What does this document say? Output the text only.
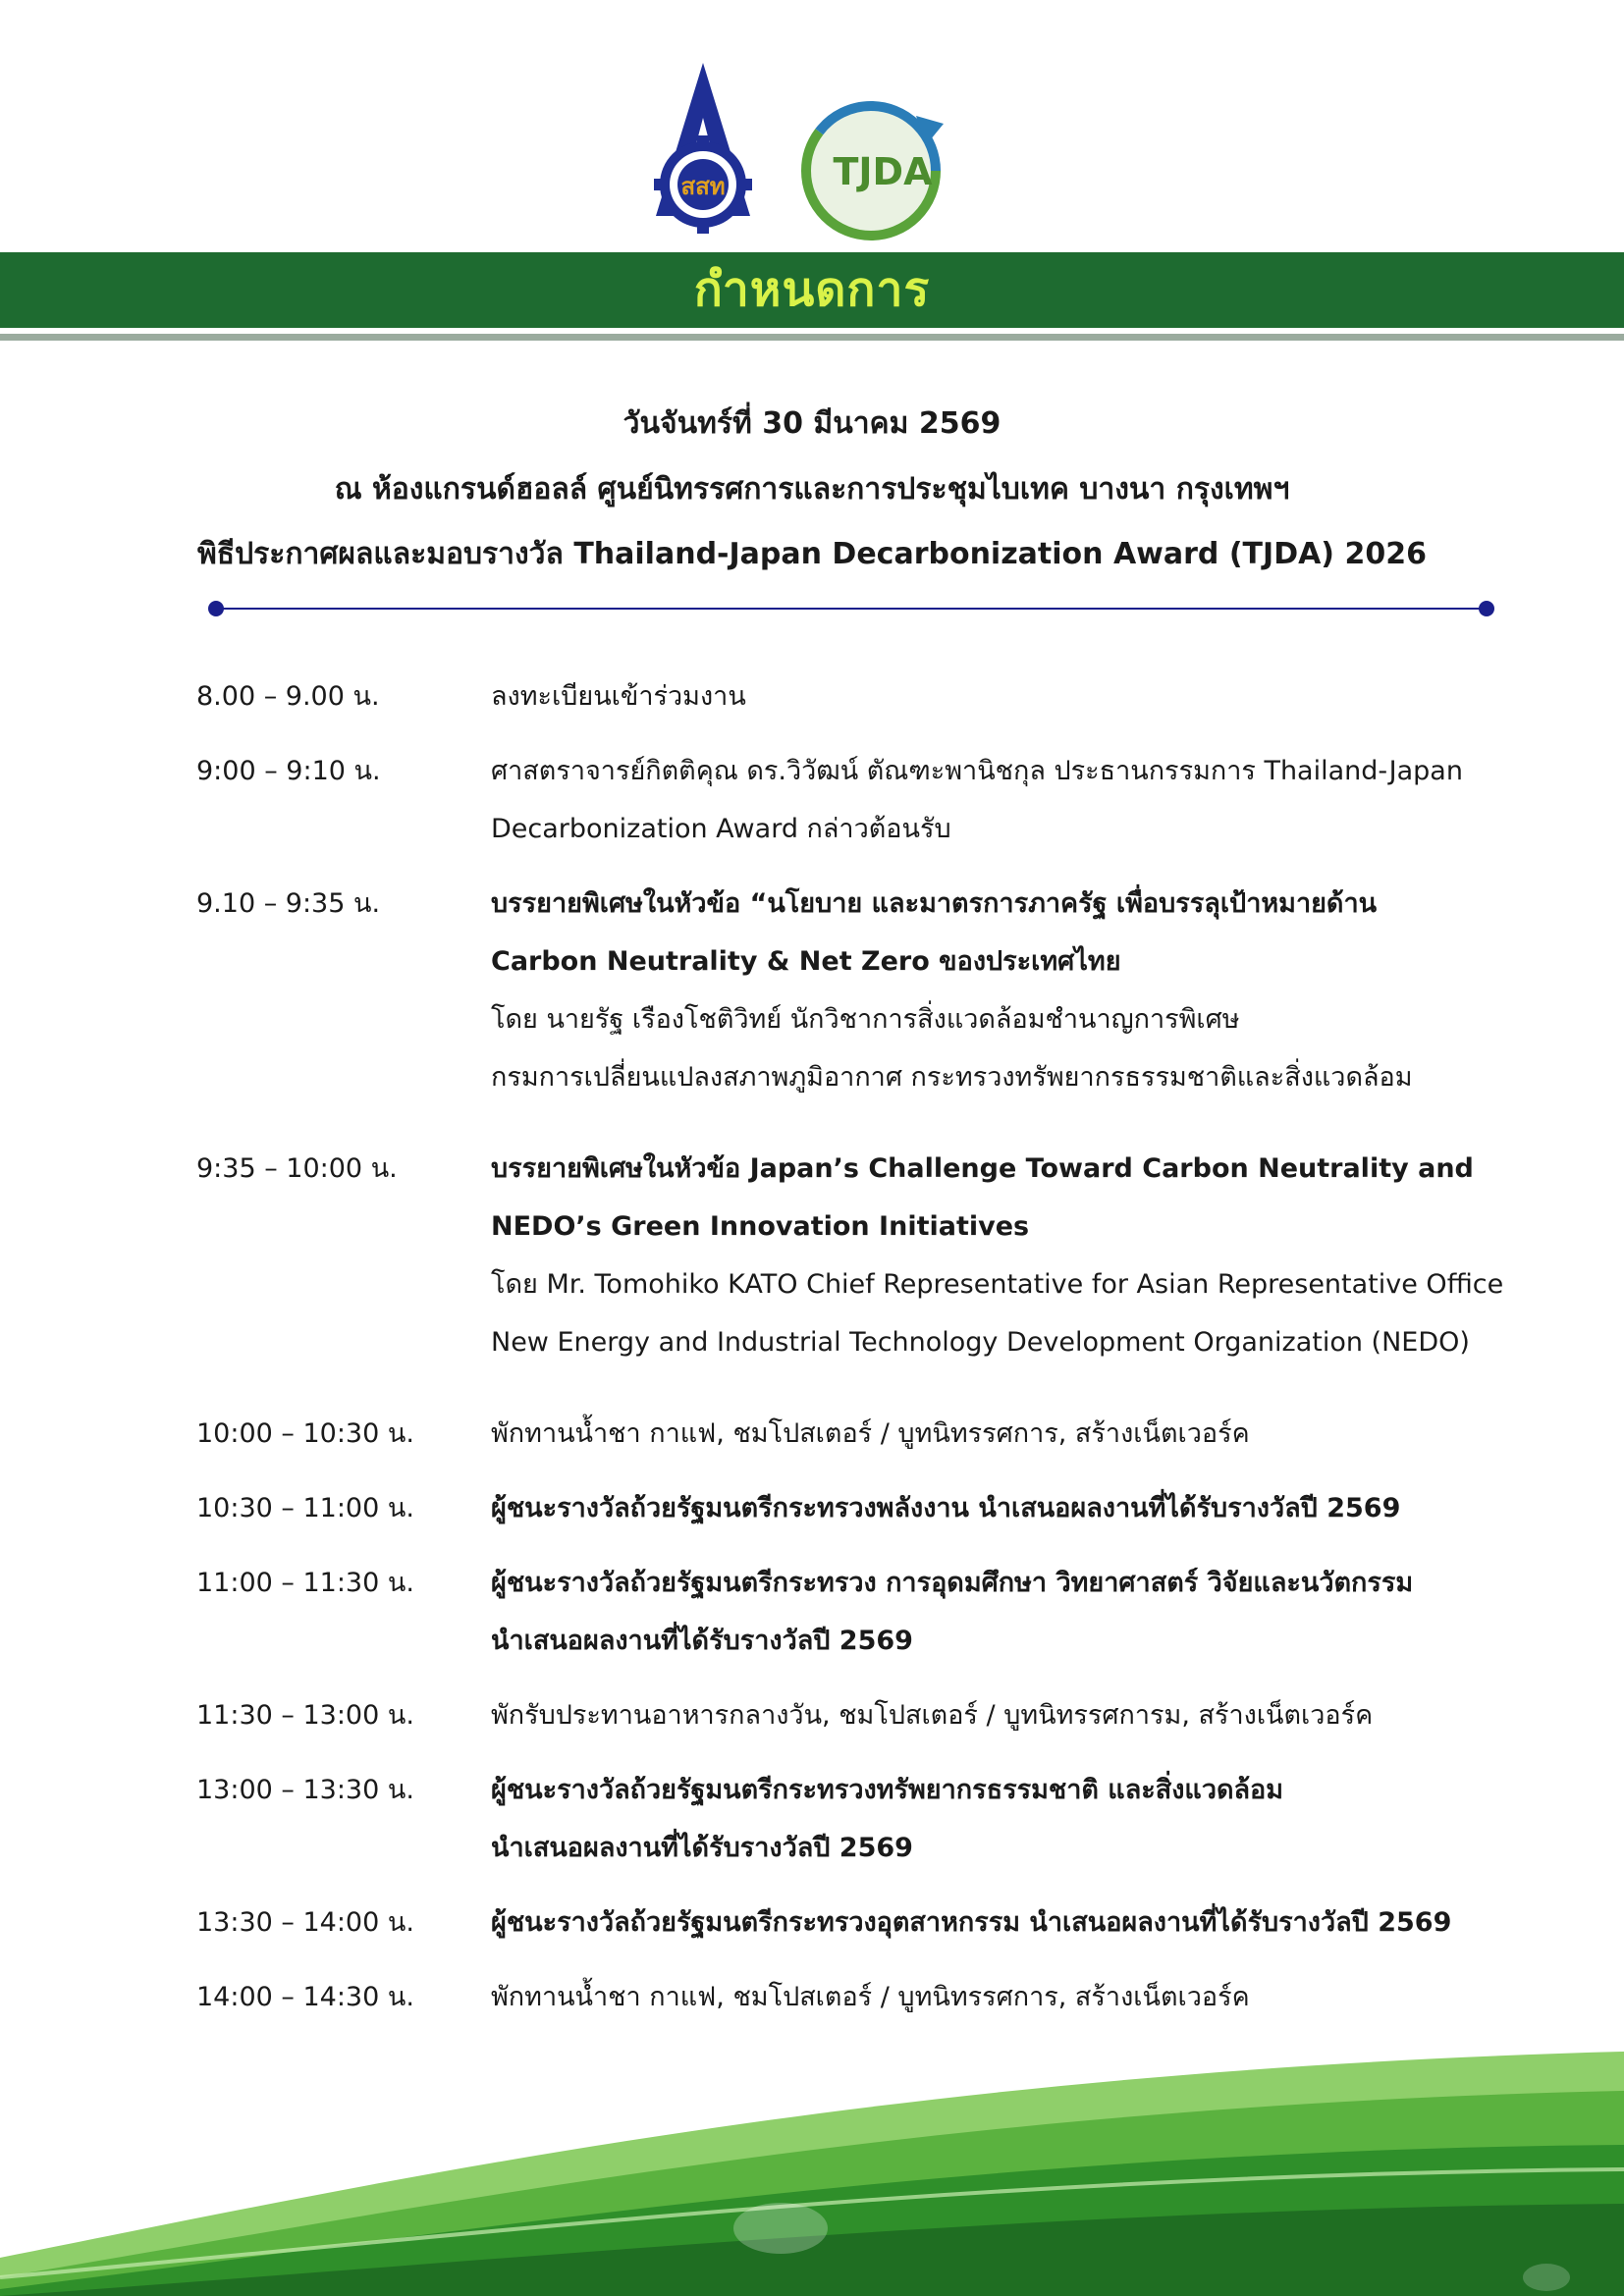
สสท	TJDA
กำหนดการ
วันจันทร์ที่ 30 มีนาคม 2569
ณ ห้องแกรนด์ฮอลล์ ศูนย์นิทรรศการและการประชุมไบเทค บางนา กรุงเทพฯ
พิธีประกาศผลและมอบรางวัล Thailand-Japan Decarbonization Award (TJDA) 2026
8.00 – 9.00 น.	ลงทะเบียนเข้าร่วมงาน
9:00 – 9:10 น.	ศาสตราจารย์กิตติคุณ ดร.วิวัฒน์ ตัณฑะพานิชกุล ประธานกรรมการ Thailand-Japan
Decarbonization Award กล่าวต้อนรับ
9.10 – 9:35 น.	บรรยายพิเศษในหัวข้อ “นโยบาย และมาตรการภาครัฐ เพื่อบรรลุเป้าหมายด้าน
Carbon Neutrality & Net Zero ของประเทศไทย
โดย นายรัฐ เรืองโชติวิทย์ นักวิชาการสิ่งแวดล้อมชำนาญการพิเศษ
กรมการเปลี่ยนแปลงสภาพภูมิอากาศ กระทรวงทรัพยากรธรรมชาติและสิ่งแวดล้อม
9:35 – 10:00 น.	บรรยายพิเศษในหัวข้อ Japan’s Challenge Toward Carbon Neutrality and
NEDO’s Green Innovation Initiatives
โดย Mr. Tomohiko KATO Chief Representative for Asian Representative Office
New Energy and Industrial Technology Development Organization (NEDO)
10:00 – 10:30 น.	พักทานน้ำชา กาแฟ, ชมโปสเตอร์ / บูทนิทรรศการ, สร้างเน็ตเวอร์ค
10:30 – 11:00 น.	ผู้ชนะรางวัลถ้วยรัฐมนตรีกระทรวงพลังงาน นำเสนอผลงานที่ได้รับรางวัลปี 2569
11:00 – 11:30 น.	ผู้ชนะรางวัลถ้วยรัฐมนตรีกระทรวง การอุดมศึกษา วิทยาศาสตร์ วิจัยและนวัตกรรม
นำเสนอผลงานที่ได้รับรางวัลปี 2569
11:30 – 13:00 น.	พักรับประทานอาหารกลางวัน, ชมโปสเตอร์ / บูทนิทรรศการม, สร้างเน็ตเวอร์ค
13:00 – 13:30 น.	ผู้ชนะรางวัลถ้วยรัฐมนตรีกระทรวงทรัพยากรธรรมชาติ และสิ่งแวดล้อม
นำเสนอผลงานที่ได้รับรางวัลปี 2569
13:30 – 14:00 น.	ผู้ชนะรางวัลถ้วยรัฐมนตรีกระทรวงอุตสาหกรรม นำเสนอผลงานที่ได้รับรางวัลปี 2569
14:00 – 14:30 น.	พักทานน้ำชา กาแฟ, ชมโปสเตอร์ / บูทนิทรรศการ, สร้างเน็ตเวอร์ค
